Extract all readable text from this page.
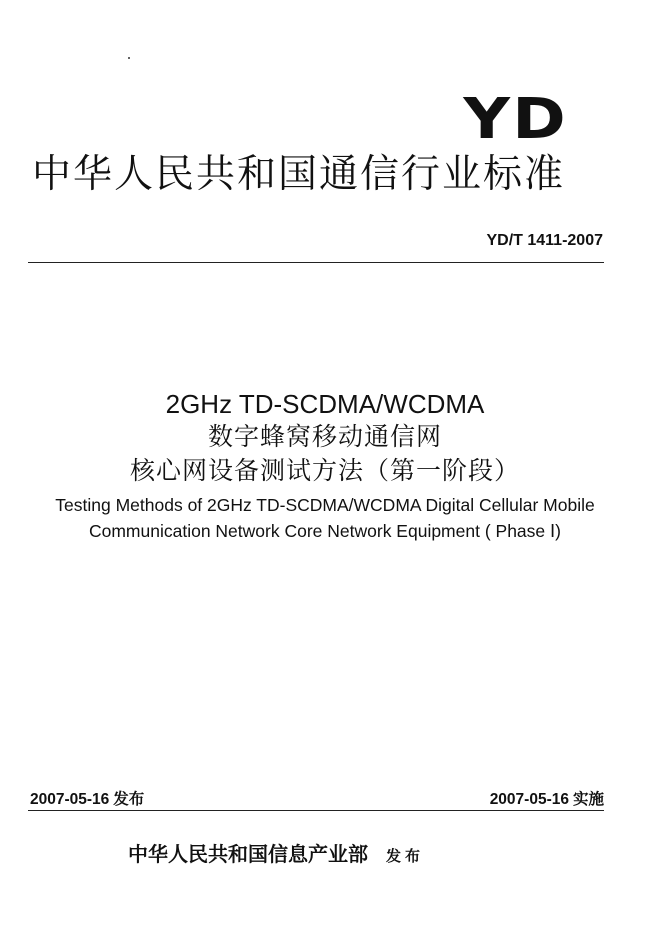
YD
中华人民共和国通信行业标准
YD/T 1411-2007
2GHz TD-SCDMA/WCDMA
数字蜂窝移动通信网
核心网设备测试方法（第一阶段）
Testing Methods of 2GHz TD-SCDMA/WCDMA Digital Cellular Mobile
Communication Network Core Network Equipment ( Phase Ⅰ)
2007-05-16 发布	2007-05-16 实施
中华人民共和国信息产业部 发布
